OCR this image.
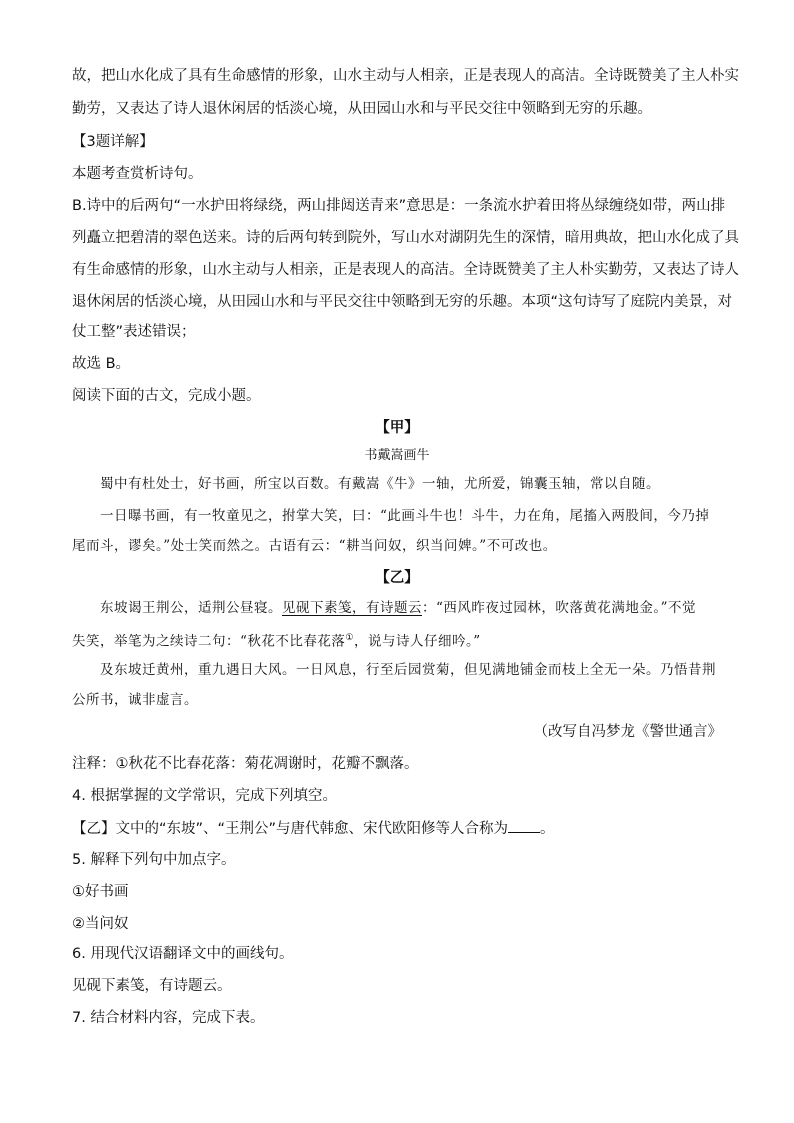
故，把山水化成了具有生命感情的形象，山水主动与人相亲，正是表现人的高洁。全诗既赞美了主人朴实
勤劳，又表达了诗人退休闲居的恬淡心境，从田园山水和与平民交往中领略到无穷的乐趣。
【3题详解】
本题考查赏析诗句。
B.诗中的后两句“一水护田将绿绕，两山排闼送青来”意思是：一条流水护着田将丛绿缠绕如带，两山排
列矗立把碧清的翠色送来。诗的后两句转到院外，写山水对湖阴先生的深情，暗用典故，把山水化成了具
有生命感情的形象，山水主动与人相亲，正是表现人的高洁。全诗既赞美了主人朴实勤劳，又表达了诗人
退休闲居的恬淡心境，从田园山水和与平民交往中领略到无穷的乐趣。本项“这句诗写了庭院内美景，对
仗工整”表述错误；
故选 B。
阅读下面的古文，完成小题。
【甲】
书戴嵩画牛
蜀中有杜处士，好书画，所宝以百数。有戴嵩《牛》一轴，尤所爱，锦囊玉轴，常以自随。
一日曝书画，有一牧童见之，拊掌大笑，曰：“此画斗牛也！斗牛，力在角，尾搐入两股间，今乃掉
尾而斗，谬矣。”处士笑而然之。古语有云：“耕当问奴，织当问婢。”不可改也。
【乙】
东坡谒王荆公，适荆公昼寝。见砚下素笺，有诗题云：“西风昨夜过园林，吹落黄花满地金。”不觉
失笑，举笔为之续诗二句：“秋花不比春花落①，说与诗人仔细吟。”
及东坡迁黄州，重九遇日大风。一日风息，行至后园赏菊，但见满地铺金而枝上全无一朵。乃悟昔荆
公所书，诚非虚言。
（改写自冯梦龙《警世通言》
注释：①秋花不比春花落：菊花凋谢时，花瓣不飘落。
4. 根据掌握的文学常识，完成下列填空。
【乙】文中的“东坡”、“王荆公”与唐代韩愈、宋代欧阳修等人合称为 。
5. 解释下列句中加点字。
①好书画
②当问奴
6. 用现代汉语翻译文中的画线句。
见砚下素笺，有诗题云。
7. 结合材料内容，完成下表。
